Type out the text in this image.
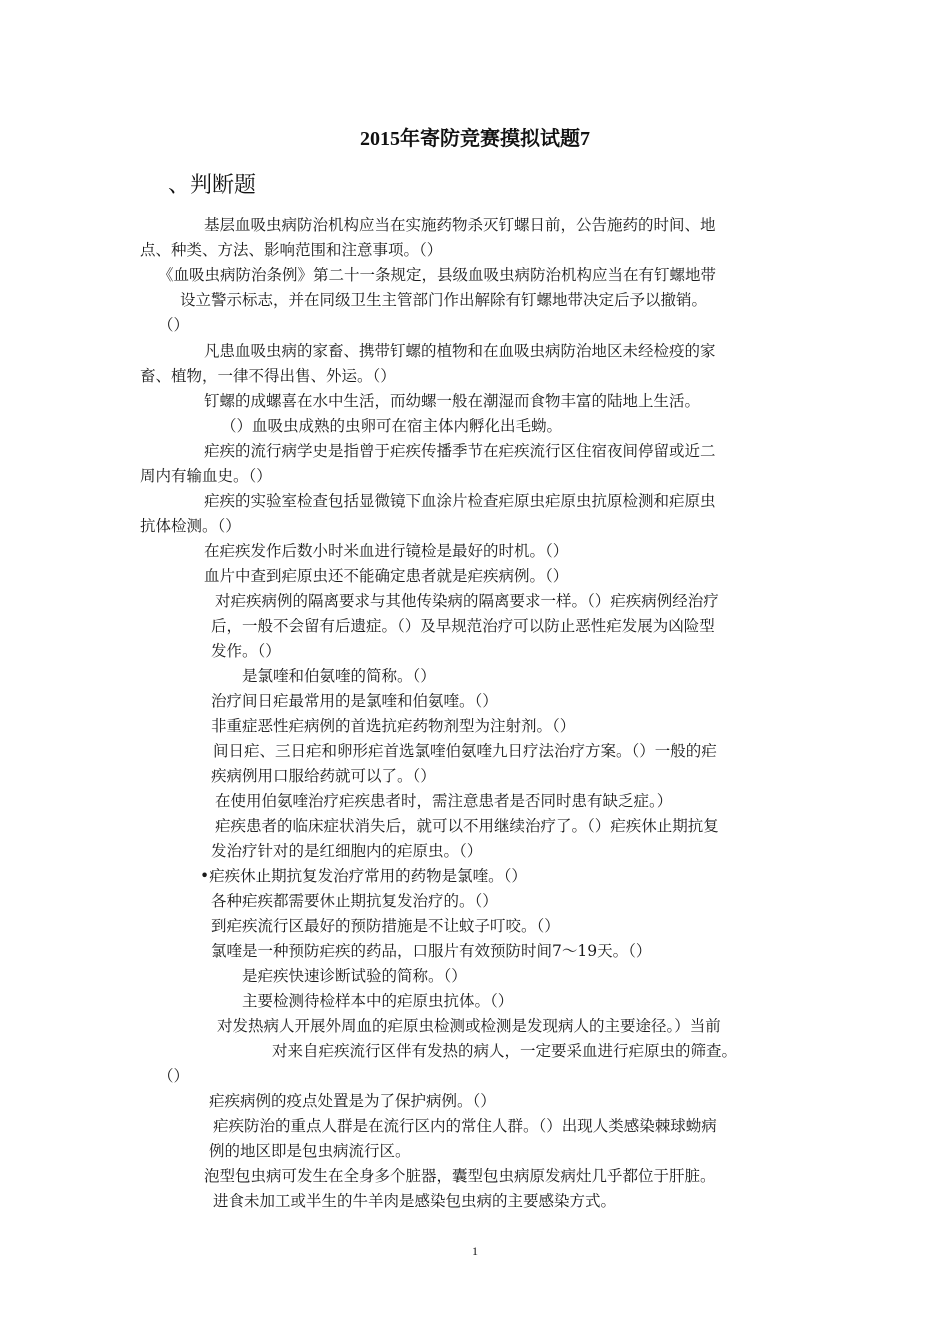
2015年寄防竞赛摸拟试题7
、判断题
基层血吸虫病防治机构应当在实施药物杀灭钉螺日前，公告施药的时间、地
点、种类、方法、影响范围和注意事项。（）
《血吸虫病防治条例》第二十一条规定，县级血吸虫病防治机构应当在有钉螺地带
设立警示标志，并在同级卫生主管部门作出解除有钉螺地带决定后予以撤销。
（）
凡患血吸虫病的家畜、携带钉螺的植物和在血吸虫病防治地区未经检疫的家
畜、植物，一律不得出售、外运。（）
钉螺的成螺喜在水中生活，而幼螺一般在潮湿而食物丰富的陆地上生活。
（）血吸虫成熟的虫卵可在宿主体内孵化出毛蚴。
疟疾的流行病学史是指曾于疟疾传播季节在疟疾流行区住宿夜间停留或近二
周内有输血史。（）
疟疾的实验室检查包括显微镜下血涂片检查疟原虫疟原虫抗原检测和疟原虫
抗体检测。（）
在疟疾发作后数小时米血进行镜检是最好的时机。（）
血片中查到疟原虫还不能确定患者就是疟疾病例。（）
对疟疾病例的隔离要求与其他传染病的隔离要求一样。（）疟疾病例经治疗
后，一般不会留有后遗症。（）及早规范治疗可以防止恶性疟发展为凶险型
发作。（）
是氯喹和伯氨喹的简称。（）
治疗间日疟最常用的是氯喹和伯氨喹。（）
非重症恶性疟病例的首选抗疟药物剂型为注射剂。（）
间日疟、三日疟和卵形疟首选氯喹伯氨喹九日疗法治疗方案。（）一般的疟
疾病例用口服给药就可以了。（）
在使用伯氨喹治疗疟疾患者时，需注意患者是否同时患有缺乏症。）
疟疾患者的临床症状消失后，就可以不用继续治疗了。（）疟疾休止期抗复
发治疗针对的是红细胞内的疟原虫。（）
•疟疾休止期抗复发治疗常用的药物是氯喹。（）
各种疟疾都需要休止期抗复发治疗的。（）
到疟疾流行区最好的预防措施是不让蚊子叮咬。（）
氯喹是一种预防疟疾的药品，口服片有效预防时间7〜19天。（）
是疟疾快速诊断试验的简称。（）
主要检测待检样本中的疟原虫抗体。（）
对发热病人开展外周血的疟原虫检测或检测是发现病人的主要途径。）当前
对来自疟疾流行区伴有发热的病人，一定要采血进行疟原虫的筛查。
（）
疟疾病例的疫点处置是为了保护病例。（）
疟疾防治的重点人群是在流行区内的常住人群。（）出现人类感染棘球蚴病
例的地区即是包虫病流行区。
泡型包虫病可发生在全身多个脏器，囊型包虫病原发病灶几乎都位于肝脏。
进食未加工或半生的牛羊肉是感染包虫病的主要感染方式。
1
